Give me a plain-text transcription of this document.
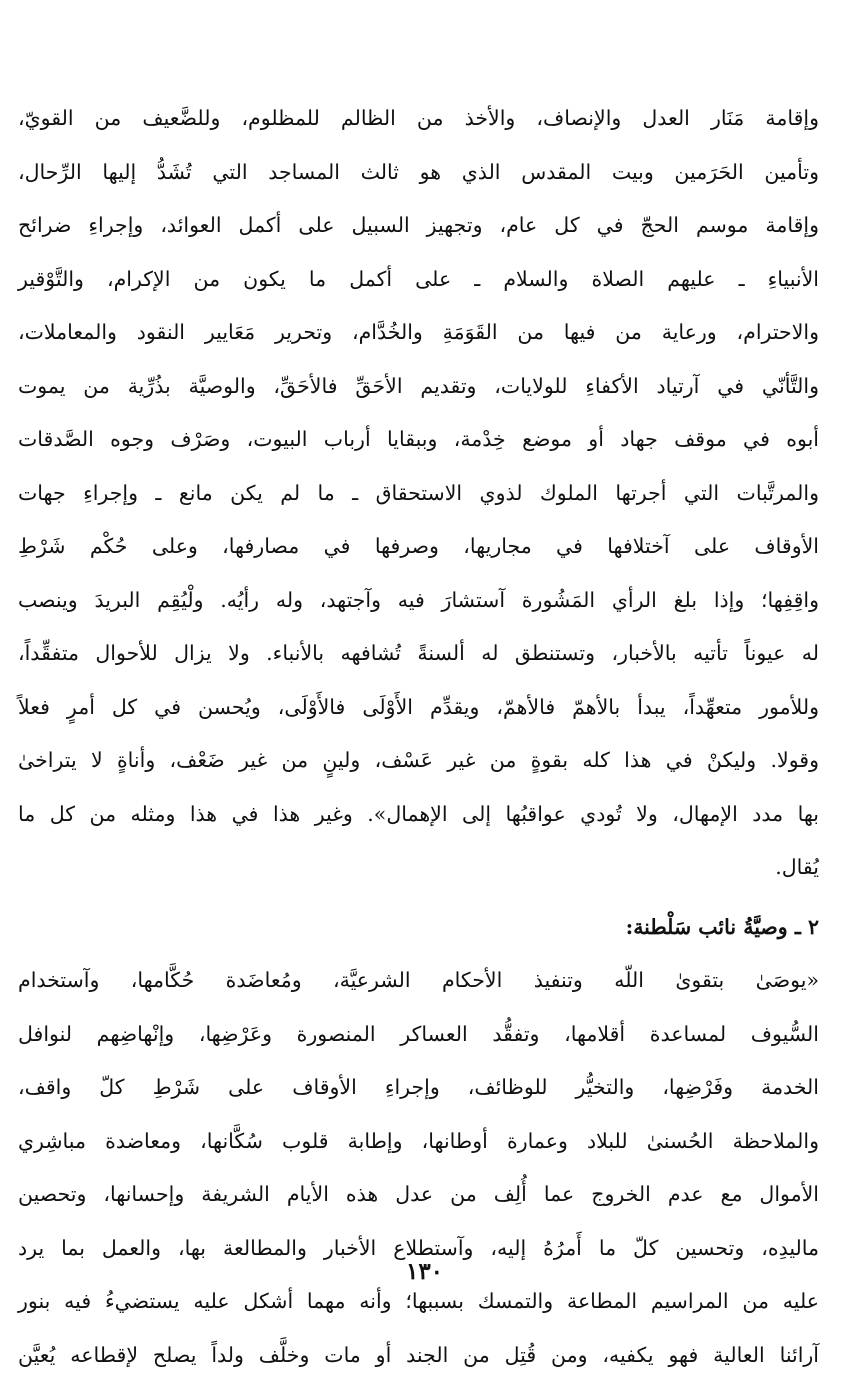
وإقامة مَنَار العدل والإنصاف، والأخذ من الظالم للمظلوم، وللضَّعيف من القويّ،
وتأمين الحَرَمين وبيت المقدس الذي هو ثالث المساجد التي تُشَدُّ إليها الرِّحال،
وإقامة موسم الحجّ في كل عام، وتجهيز السبيل على أكمل العوائد، وإجراءِ ضرائح
الأنبياءِ ـ عليهم الصلاة والسلام ـ على أكمل ما يكون من الإكرام، والتَّوْقير
والاحترام، ورعاية من فيها من القَوَمَةِ والخُدَّام، وتحرير مَعَايير النقود والمعاملات،
والتَّأنّي في آرتياد الأكفاءِ للولايات، وتقديم الأحَقِّ فالأحَقِّ، والوصيَّة بذُرِّية من يموت
أبوه في موقف جهاد أو موضع خِدْمة، وببقايا أرباب البيوت، وصَرْف وجوه الصَّدقات
والمرتَّبات التي أجرتها الملوك لذوي الاستحقاق ـ ما لم يكن مانع ـ وإجراءِ جهات
الأوقاف على آختلافها في مجاريها، وصرفها في مصارفها، وعلى حُكْم شَرْطِ
واقِفِها؛ وإذا بلغ الرأي المَشُورة آستشارَ فيه وآجتهد، وله رأيُه. ولْيُقِم البريدَ وينصب
له عيوناً تأتيه بالأخبار، وتستنطق له ألسنةً تُشافهه بالأنباء. ولا يزال للأحوال متفقِّداً،
وللأمور متعهِّداً، يبدأ بالأهمّ فالأهمّ، ويقدِّم الأَوْلَى فالأَوْلَى، ويُحسن في كل أمرٍ فعلاً
وقولا. وليكنْ في هذا كله بقوةٍ من غير عَسْف، ولينٍ من غير ضَعْف، وأناةٍ لا يتراخىٰ
بها مدد الإمهال، ولا تُودي عواقبُها إلى الإهمال». وغير هذا في هذا ومثله من كل ما
يُقال.
٢ ـ وصيَّةُ نائب سَلْطنة:
«يوصَىٰ بتقوىٰ اللّه وتنفيذ الأحكام الشرعيَّة، ومُعاضَدة حُكَّامها، وآستخدام
السُّيوف لمساعدة أقلامها، وتفقُّد العساكر المنصورة وعَرْضِها، وإنْهاضِهم لنوافل
الخدمة وفَرْضِها، والتخيُّر للوظائف، وإجراءِ الأوقاف على شَرْطِ كلّ واقف،
والملاحظة الحُسنىٰ للبلاد وعمارة أوطانها، وإطابة قلوب سُكَّانها، ومعاضدة مباشِري
الأموال مع عدم الخروج عما أُلِف من عدل هذه الأيام الشريفة وإحسانها، وتحصين
ماليدِه، وتحسين كلّ ما أَمرُهُ إليه، وآستطلاع الأخبار والمطالعة بها، والعمل بما يرد
عليه من المراسيم المطاعة والتمسك بسببها؛ وأنه مهما أشكل عليه يستضيءُ فيه بنور
آرائنا العالية فهو يكفيه، ومن قُتِل من الجند أو مات وخلَّف ولداً يصلح لإقطاعه يُعيَّن
١٣٠
